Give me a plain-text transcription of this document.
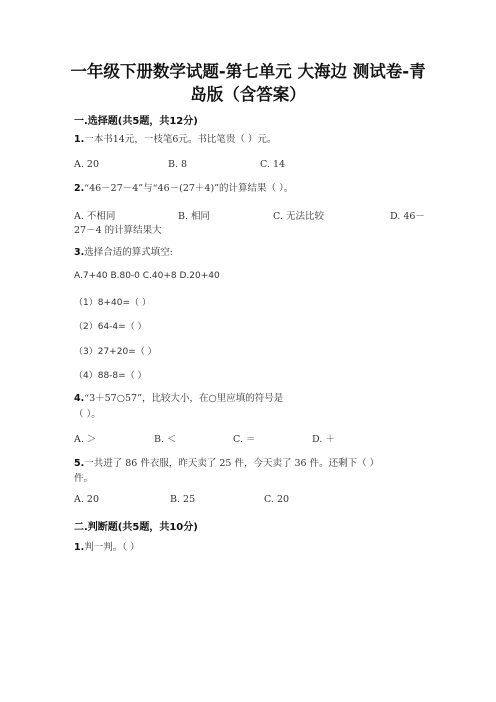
一年级下册数学试题-第七单元 大海边 测试卷-青
岛版（含答案）
一.选择题(共5题，共12分)
1.一本书14元，一枝笔6元。书比笔贵（ ）元。
A. 20	B. 8	C. 14
2.“46－27－4”与“46－(27＋4)”的计算结果（ ）。
A. 不相同	B. 相同	C. 无法比较	D. 46－
27－4 的计算结果大
3.选择合适的算式填空:
A.7+40 B.80-0 C.40+8 D.20+40
（1）8+40=（ ）
（2）64-4=（ ）
（3）27+20=（ ）
（4）88-8=（ ）
4.“3＋57○57”，比较大小，在○里应填的符号是
（ ）。
A. ＞	B. ＜	C. ＝	D. ＋
5.一共进了 86 件衣服，昨天卖了 25 件，今天卖了 36 件。还剩下（ ）
件。
A. 20	B. 25	C. 20
二.判断题(共5题，共10分)
1.判一判。（ ）
